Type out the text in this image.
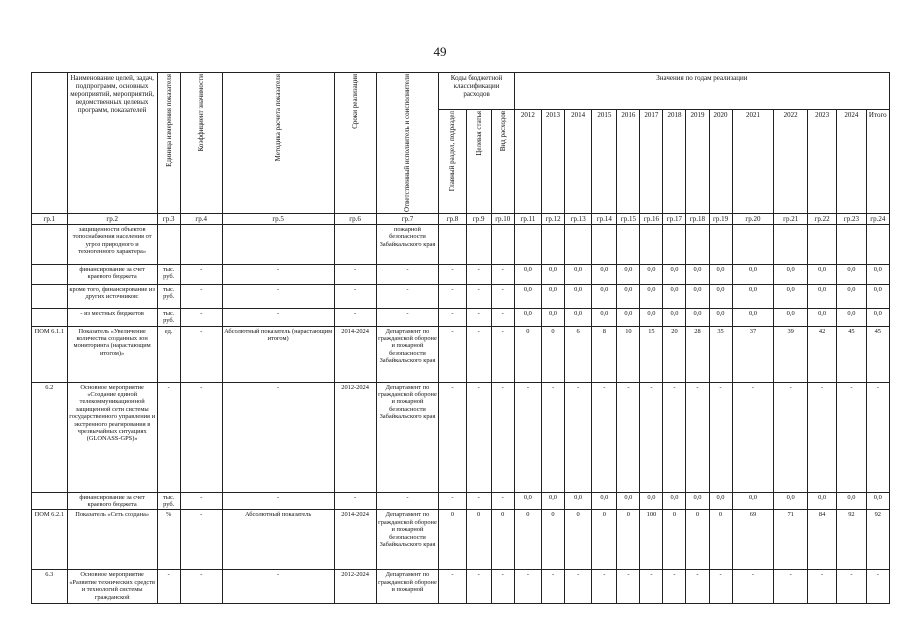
49
	Наименование целей, задач, подпрограмм, основных мероприятий, мероприятий, ведомственных целевых программ, показателей	Единица измерения показателя	Коэффициент значимости	Методика расчета показателя	Сроки реализации	Ответственный исполнитель и соисполнители	Коды бюджетной классификации расходов			Значения по годам реализации													

							Главный раздел, подраздел	Целевая статья	Вид расходов	2012	2013	2014	2015	2016	2017	2018	2019	2020	2021	2022	2023	2024	Итого
гр.1	гр.2	гр.3	гр.4	гр.5	гр.6	гр.7	гр.8	гр.9	гр.10	гр.11	гр.12	гр.13	гр.14	гр.15	гр.16	гр.17	гр.18	гр.19	гр.20	гр.21	гр.22	гр.23	гр.24
	защищенности объектов топоснабжения населения от угроз природного и техногенного характера»					пожарной безопасности Забайкальского края																	
	финансирование за счет краевого бюджета	тыс. руб.	-	-	-	-	-	-	-	0,0	0,0	0,0	0,0	0,0	0,0	0,0	0,0	0,0	0,0	0,0	0,0	0,0	0,0
	кроме того, финансирование из других источников:	тыс. руб.	-	-	-	-	-	-	-	0,0	0,0	0,0	0,0	0,0	0,0	0,0	0,0	0,0	0,0	0,0	0,0	0,0	0,0
	- из местных бюджетов	тыс. руб.	-	-	-	-	-	-	-	0,0	0,0	0,0	0,0	0,0	0,0	0,0	0,0	0,0	0,0	0,0	0,0	0,0	0,0
ПОМ 6.1.1	Показатель «Увеличение количества созданных зон мониторинга (нарастающим итогом)»	ед.	-	Абсолютный показатель (нарастающим итогом)	2014-2024	Департамент по гражданской обороне и пожарной безопасности Забайкальского края	-	-	-	0	0	6	8	10	15	20	28	35	37	39	42	45	45
6.2	Основное мероприятие «Создание единой телекоммуникационной защищенной сети системы государственного управления и экстренного реагирования в чрезвычайных ситуациях (GLONASS-GPS)»	-	-	-	2012-2024	Департамент по гражданской обороне и пожарной безопасности Забайкальского края	-	-	-	-	-	-	-	-	-	-	-	-	-	-	-	-	-
	финансирование за счет краевого бюджета	тыс. руб.	-	-	-	-	-	-	-	0,0	0,0	0,0	0,0	0,0	0,0	0,0	0,0	0,0	0,0	0,0	0,0	0,0	0,0
ПОМ 6.2.1	Показатель «Сеть создана»	%	-	Абсолютный показатель	2014-2024	Департамент по гражданской обороне и пожарной безопасности Забайкальского края	0	0	0	0	0	0	0	0	100	0	0	0	69	71	84	92	92
6.3	Основное мероприятие «Развитие технических средств и технологий системы гражданской	-	-	-	2012-2024	Департамент по гражданской обороне и пожарной	-	-	-	-	-	-	-	-	-	-	-	-	-	-	-	-	-
